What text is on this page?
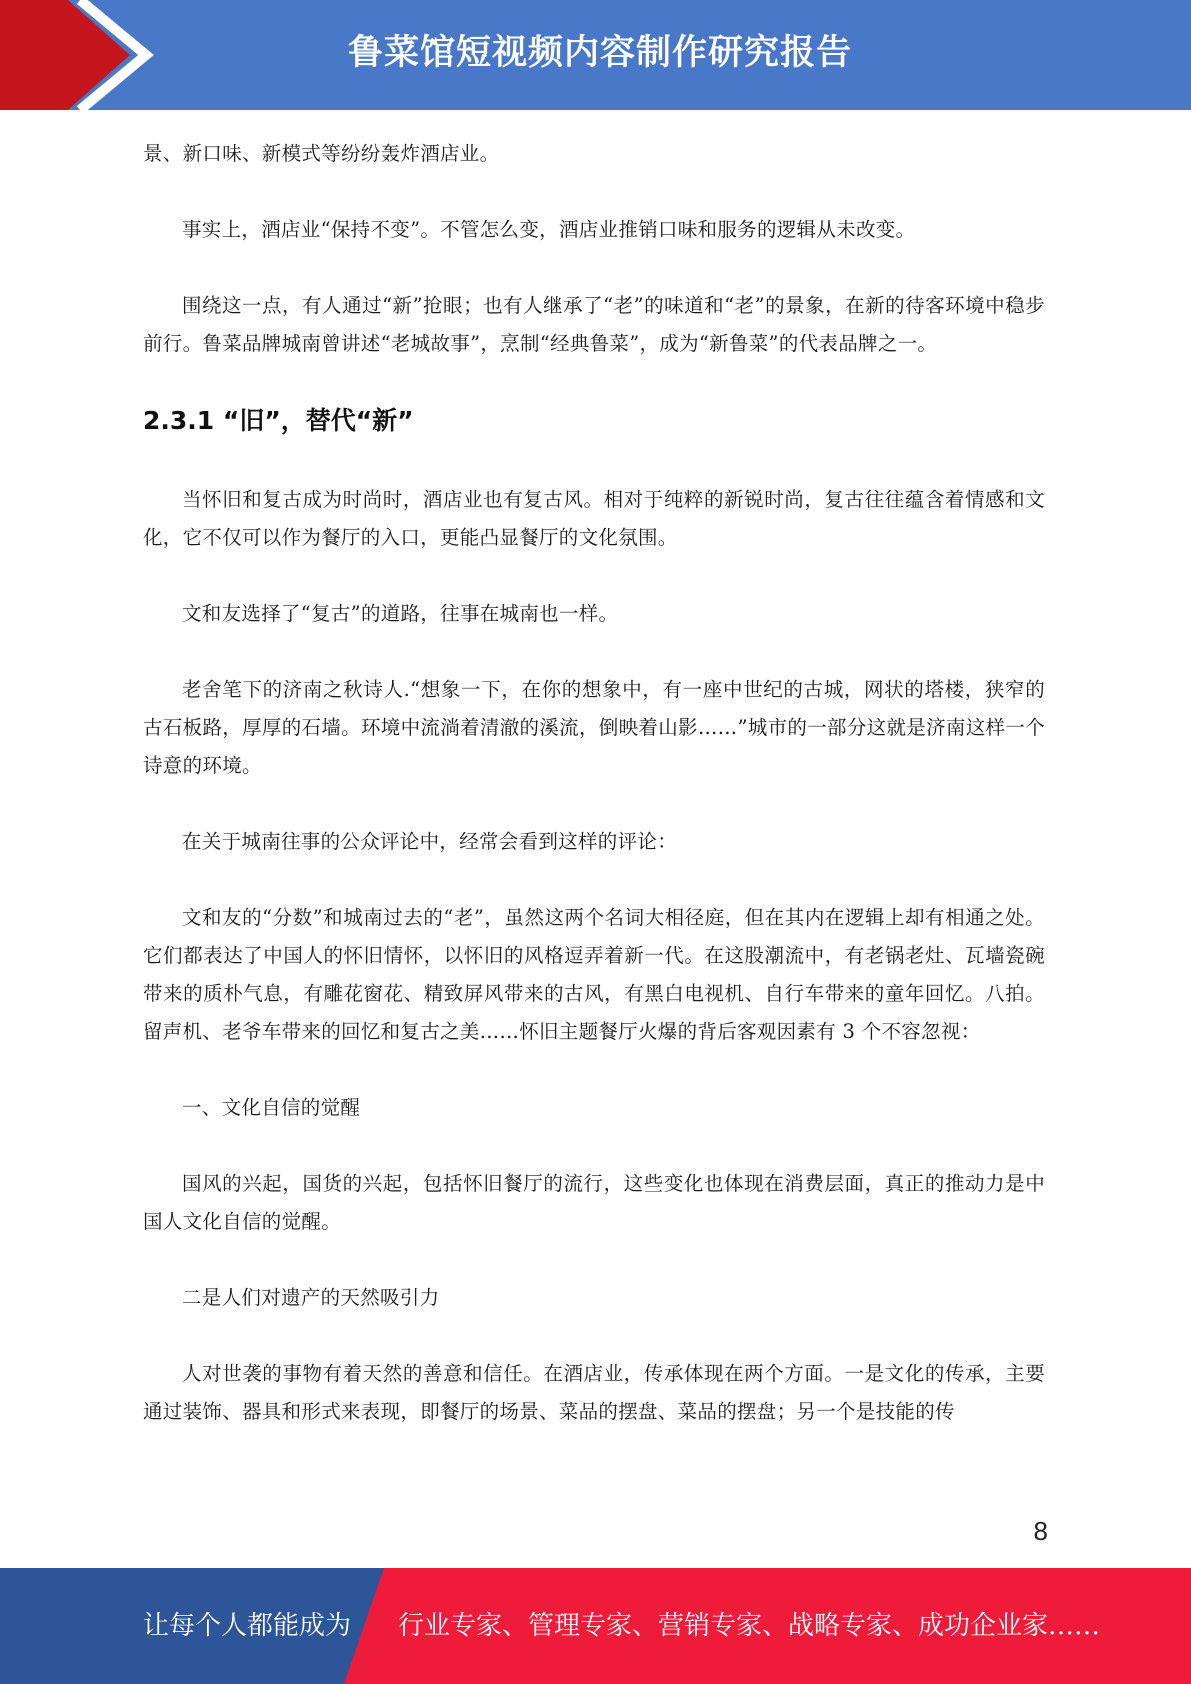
鲁菜馆短视频内容制作研究报告

景、新口味、新模式等纷纷轰炸酒店业。

事实上，酒店业“保持不变”。不管怎么变，酒店业推销口味和服务的逻辑从未改变。

围绕这一点，有人通过“新”抢眼；也有人继承了“老”的味道和“老”的景象，在新的待客环境中稳步前行。鲁菜品牌城南曾讲述“老城故事”，烹制“经典鲁菜”，成为“新鲁菜”的代表品牌之一。

2.3.1 “旧”，替代“新”

当怀旧和复古成为时尚时，酒店业也有复古风。相对于纯粹的新锐时尚，复古往往蕴含着情感和文化，它不仅可以作为餐厅的入口，更能凸显餐厅的文化氛围。

文和友选择了“复古”的道路，往事在城南也一样。

老舍笔下的济南之秋诗人.“想象一下，在你的想象中，有一座中世纪的古城，网状的塔楼，狭窄的古石板路，厚厚的石墙。环境中流淌着清澈的溪流，倒映着山影……”城市的一部分这就是济南这样一个诗意的环境。

在关于城南往事的公众评论中，经常会看到这样的评论：

文和友的“分数”和城南过去的“老”，虽然这两个名词大相径庭，但在其内在逻辑上却有相通之处。它们都表达了中国人的怀旧情怀，以怀旧的风格逗弄着新一代。在这股潮流中，有老锅老灶、瓦墙瓷碗带来的质朴气息，有雕花窗花、精致屏风带来的古风，有黑白电视机、自行车带来的童年回忆。八拍。留声机、老爷车带来的回忆和复古之美……怀旧主题餐厅火爆的背后客观因素有 3 个不容忽视：

一、文化自信的觉醒

国风的兴起，国货的兴起，包括怀旧餐厅的流行，这些变化也体现在消费层面，真正的推动力是中国人文化自信的觉醒。

二是人们对遗产的天然吸引力

人对世袭的事物有着天然的善意和信任。在酒店业，传承体现在两个方面。一是文化的传承，主要通过装饰、器具和形式来表现，即餐厅的场景、菜品的摆盘、菜品的摆盘；另一个是技能的传

8
让每个人都能成为 行业专家、管理专家、营销专家、战略专家、成功企业家……
